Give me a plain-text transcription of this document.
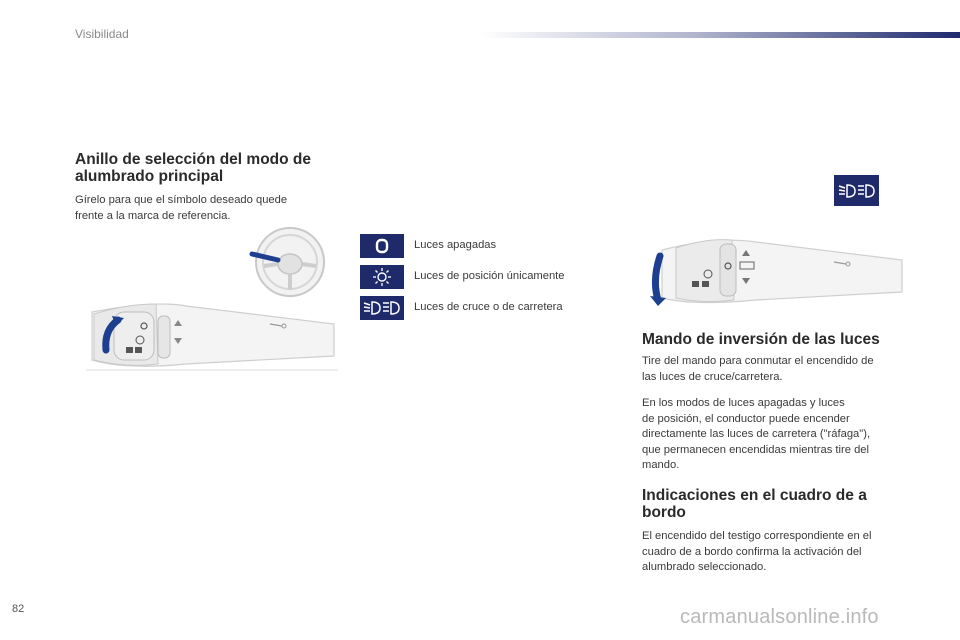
Visibilidad
Anillo de selección del modo de
alumbrado principal

Gírelo para que el símbolo deseado quede
frente a la marca de referencia.

Luces apagadas
Luces de posición únicamente
Luces de cruce o de carretera
Mando de inversión de las luces

Tire del mando para conmutar el encendido de
las luces de cruce/carretera.

En los modos de luces apagadas y luces
de posición, el conductor puede encender
directamente las luces de carretera ("ráfaga"),
que permanecen encendidas mientras tire del
mando.

Indicaciones en el cuadro de a
bordo

El encendido del testigo correspondiente en el
cuadro de a bordo confirma la activación del
alumbrado seleccionado.

82	carmanualsonline.info
